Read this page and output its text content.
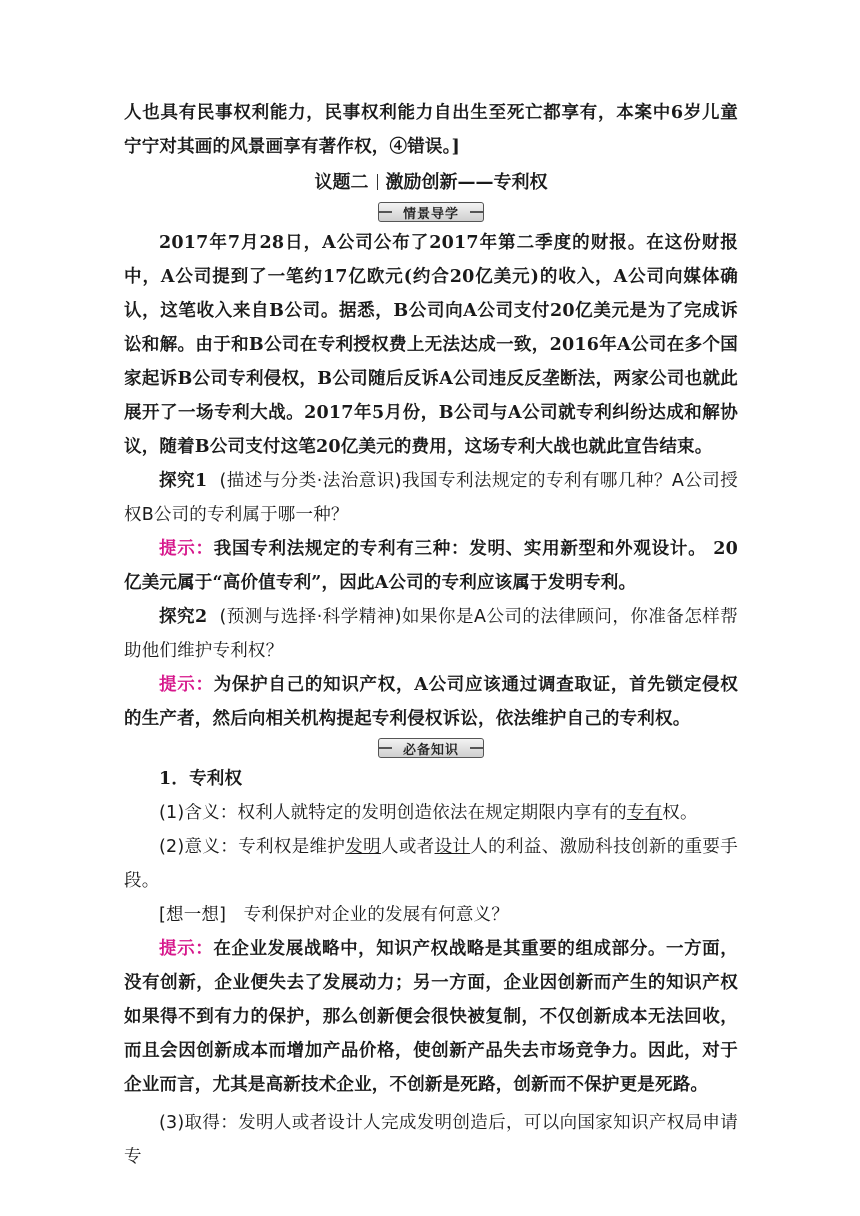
人也具有民事权利能力，民事权利能力自出生至死亡都享有，本案中6岁儿童宁宁对其画的风景画享有著作权，④错误。]

议题二 激励创新——专利权
情景导学

2017年7月28日，A公司公布了2017年第二季度的财报。在这份财报中，A公司提到了一笔约17亿欧元(约合20亿美元)的收入，A公司向媒体确认，这笔收入来自B公司。据悉，B公司向A公司支付20亿美元是为了完成诉讼和解。由于和B公司在专利授权费上无法达成一致，2016年A公司在多个国家起诉B公司专利侵权，B公司随后反诉A公司违反反垄断法，两家公司也就此展开了一场专利大战。2017年5月份，B公司与A公司就专利纠纷达成和解协议，随着B公司支付这笔20亿美元的费用，这场专利大战也就此宣告结束。

探究1 (描述与分类·法治意识)我国专利法规定的专利有哪几种？A公司授权B公司的专利属于哪一种？

提示：我国专利法规定的专利有三种：发明、实用新型和外观设计。 20亿美元属于“高价值专利”，因此A公司的专利应该属于发明专利。

探究2 (预测与选择·科学精神)如果你是A公司的法律顾问，你准备怎样帮助他们维护专利权？

提示：为保护自己的知识产权，A公司应该通过调查取证，首先锁定侵权的生产者，然后向相关机构提起专利侵权诉讼，依法维护自己的专利权。

必备知识

1．专利权

(1)含义：权利人就特定的发明创造依法在规定期限内享有的专有权。

(2)意义：专利权是维护发明人或者设计人的利益、激励科技创新的重要手段。

[想一想] 专利保护对企业的发展有何意义？

提示：在企业发展战略中，知识产权战略是其重要的组成部分。一方面，没有创新，企业便失去了发展动力；另一方面，企业因创新而产生的知识产权如果得不到有力的保护，那么创新便会很快被复制，不仅创新成本无法回收，而且会因创新成本而增加产品价格，使创新产品失去市场竞争力。因此，对于企业而言，尤其是高新技术企业，不创新是死路，创新而不保护更是死路。

(3)取得：发明人或者设计人完成发明创造后，可以向国家知识产权局申请专
